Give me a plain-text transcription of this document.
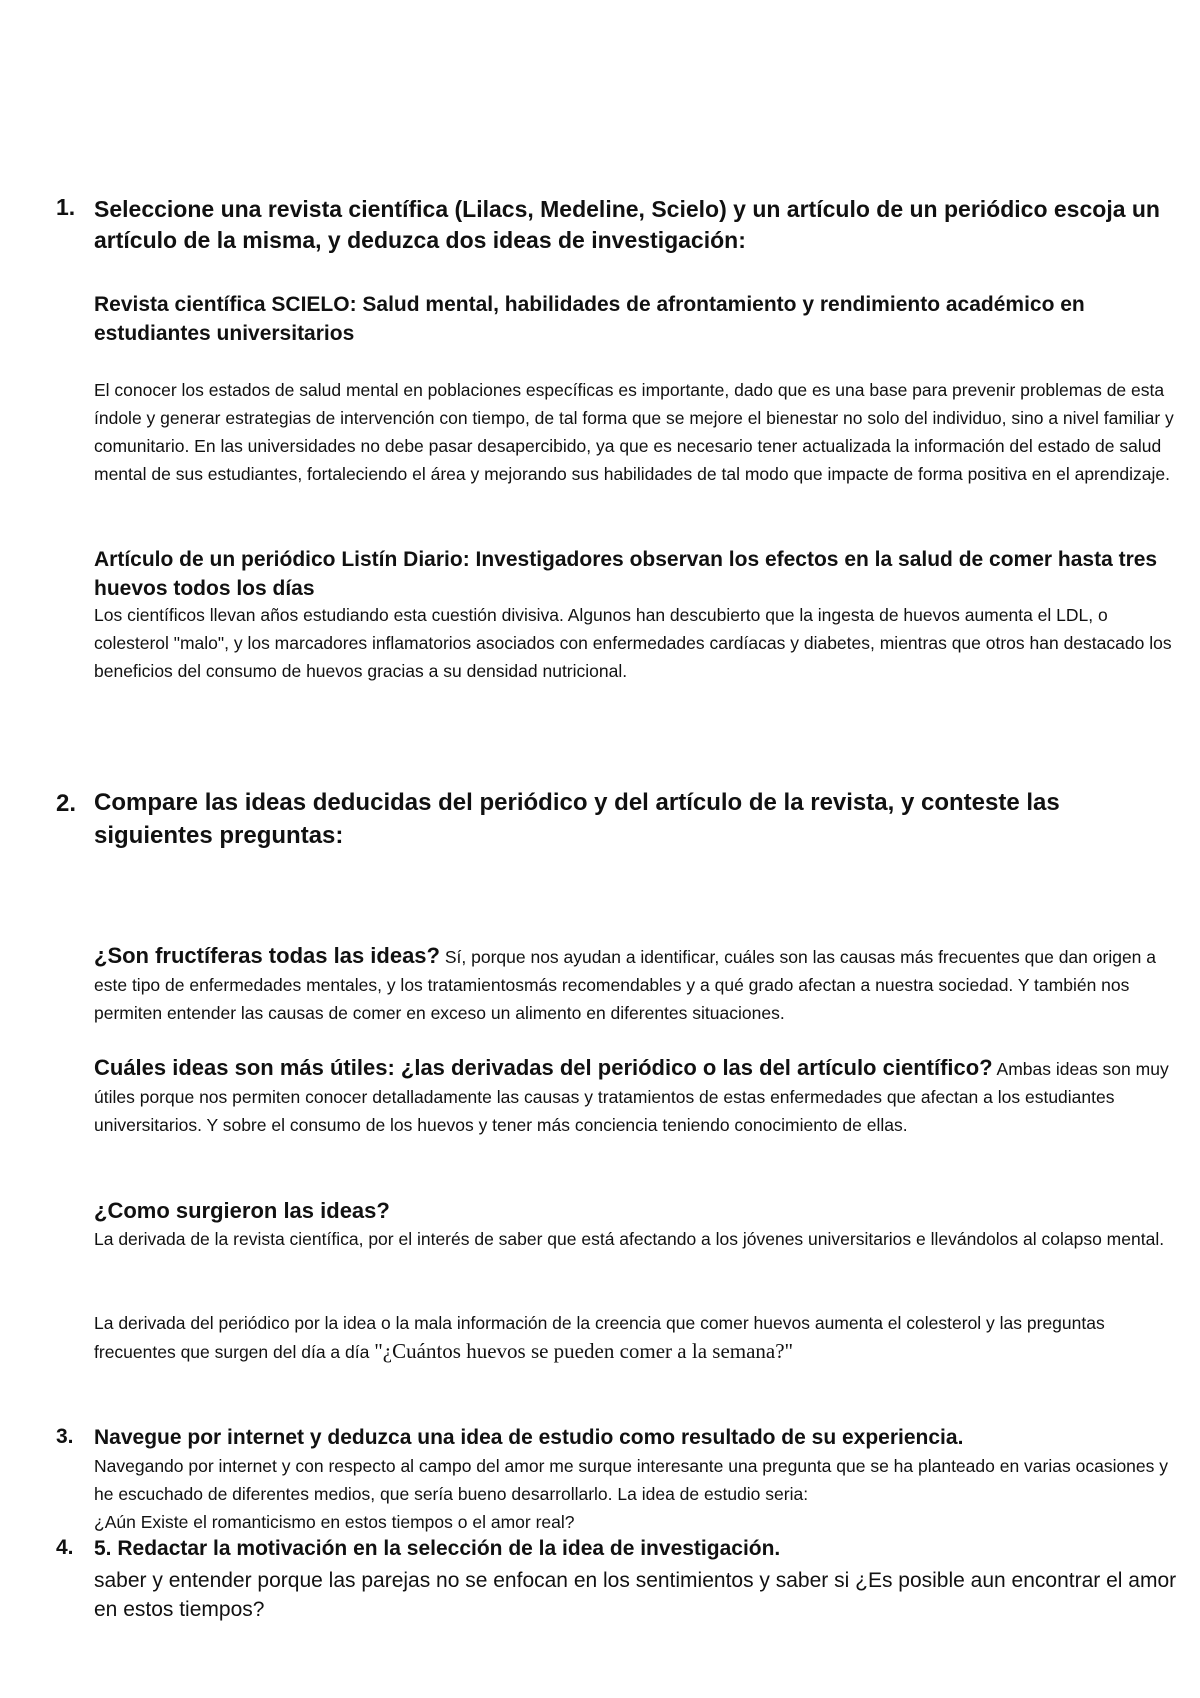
1. Seleccione una revista científica (Lilacs, Medeline, Scielo) y un artículo de un periódico escoja un artículo de la misma, y deduzca dos ideas de investigación:

Revista científica SCIELO: Salud mental, habilidades de afrontamiento y rendimiento académico en estudiantes universitarios

El conocer los estados de salud mental en poblaciones específicas es importante, dado que es una base para prevenir problemas de esta índole y generar estrategias de intervención con tiempo, de tal forma que se mejore el bienestar no solo del individuo, sino a nivel familiar y comunitario. En las universidades no debe pasar desapercibido, ya que es necesario tener actualizada la información del estado de salud mental de sus estudiantes, fortaleciendo el área y mejorando sus habilidades de tal modo que impacte de forma positiva en el aprendizaje.

Artículo de un periódico Listín Diario: Investigadores observan los efectos en la salud de comer hasta tres huevos todos los días

Los científicos llevan años estudiando esta cuestión divisiva. Algunos han descubierto que la ingesta de huevos aumenta el LDL, o colesterol "malo", y los marcadores inflamatorios asociados con enfermedades cardíacas y diabetes, mientras que otros han destacado los beneficios del consumo de huevos gracias a su densidad nutricional.

2. Compare las ideas deducidas del periódico y del artículo de la revista, y conteste las siguientes preguntas:

¿Son fructíferas todas las ideas? Sí, porque nos ayudan a identificar, cuáles son las causas más frecuentes que dan origen a este tipo de enfermedades mentales, y los tratamientosmás recomendables y a qué grado afectan a nuestra sociedad. Y también nos permiten entender las causas de comer en exceso un alimento en diferentes situaciones.

Cuáles ideas son más útiles: ¿las derivadas del periódico o las del artículo científico? Ambas ideas son muy útiles porque nos permiten conocer detalladamente las causas y tratamientos de estas enfermedades que afectan a los estudiantes universitarios. Y sobre el consumo de los huevos y tener más conciencia teniendo conocimiento de ellas.

¿Como surgieron las ideas?

La derivada de la revista científica, por el interés de saber que está afectando a los jóvenes universitarios e llevándolos al colapso mental.

La derivada del periódico por la idea o la mala información de la creencia que comer huevos aumenta el colesterol y las preguntas frecuentes que surgen del día a día "¿Cuántos huevos se pueden comer a la semana?"

3. Navegue por internet y deduzca una idea de estudio como resultado de su experiencia.

Navegando por internet y con respecto al campo del amor me surque interesante una pregunta que se ha planteado en varias ocasiones y he escuchado de diferentes medios, que sería bueno desarrollarlo. La idea de estudio seria:

¿Aún Existe el romanticismo en estos tiempos o el amor real?

4. 5. Redactar la motivación en la selección de la idea de investigación.

saber y entender porque las parejas no se enfocan en los sentimientos y saber si ¿Es posible aun encontrar el amor en estos tiempos?
